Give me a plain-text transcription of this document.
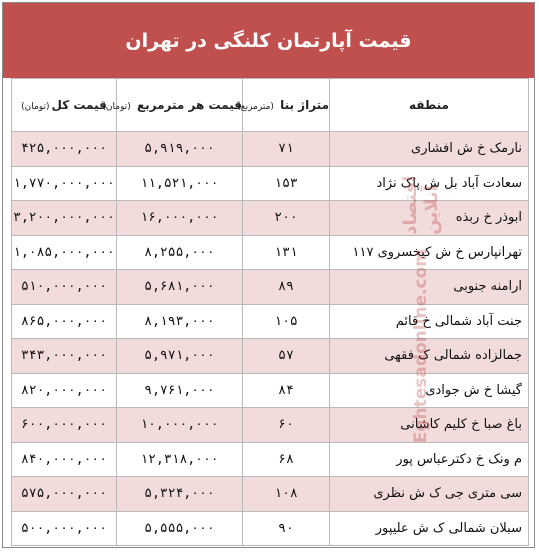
قیمت آپارتمان کلنگی در تهران
منطقه	متراژ بنا (مترمربع)	قیمت هر مترمربع (تومان)	قیمت کل(تومان)
نارمک خ ش افشاری	۷۱	۵,۹۱۹,۰۰۰	۴۲۵,۰۰۰,۰۰۰
سعادت آباد بل ش پاک نژاد	۱۵۳	۱۱,۵۲۱,۰۰۰	۱,۷۷۰,۰۰۰,۰۰۰
ابوذر خ ربذه	۲۰۰	۱۶,۰۰۰,۰۰۰	۳,۲۰۰,۰۰۰,۰۰۰
تهرانپارس خ ش کیخسروی ۱۱۷	۱۳۱	۸,۲۵۵,۰۰۰	۱,۰۸۵,۰۰۰,۰۰۰
ارامنه جنوبی	۸۹	۵,۶۸۱,۰۰۰	۵۱۰,۰۰۰,۰۰۰
جنت آباد شمالی خ قائم	۱۰۵	۸,۱۹۳,۰۰۰	۸۶۵,۰۰۰,۰۰۰
جمالزاده شمالی ک فقهی	۵۷	۵,۹۷۱,۰۰۰	۳۴۳,۰۰۰,۰۰۰
گیشا خ ش جوادی	۸۴	۹,۷۶۱,۰۰۰	۸۲۰,۰۰۰,۰۰۰
باغ صبا خ کلیم کاشانی	۶۰	۱۰,۰۰۰,۰۰۰	۶۰۰,۰۰۰,۰۰۰
م ونک خ دکترعباس پور	۶۸	۱۲,۳۱۸,۰۰۰	۸۴۰,۰۰۰,۰۰۰
سی متری جی ک ش نظری	۱۰۸	۵,۳۲۴,۰۰۰	۵۷۵,۰۰۰,۰۰۰
سبلان شمالی ک ش علیپور	۹۰	۵,۵۵۵,۰۰۰	۵۰۰,۰۰۰,۰۰۰
اقتصاد آنلاین
Eghtesadonline.com
